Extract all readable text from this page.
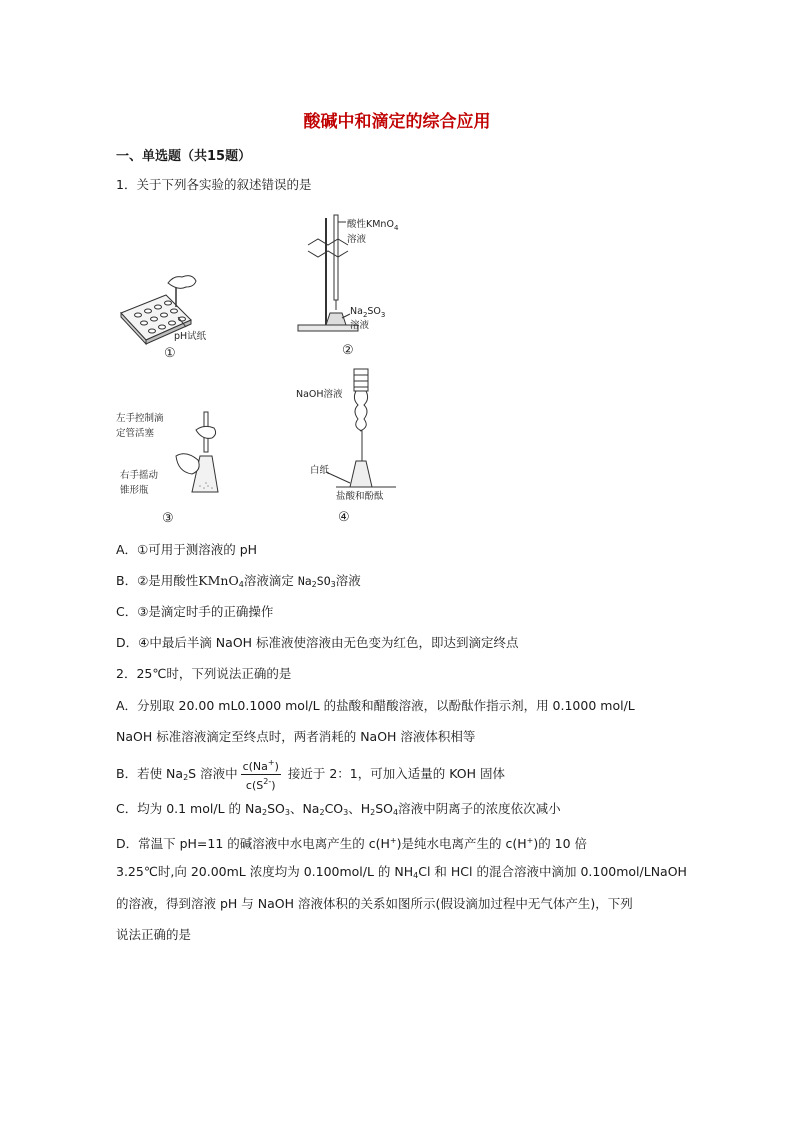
酸碱中和滴定的综合应用
一、单选题（共15题）
1．关于下列各实验的叙述错误的是
pH试纸
①
酸性KMnO$_4$
溶液
$Na_2SO_3$
溶液
②
左手控制滴
定管活塞
右手摇动
锥形瓶
③
NaOH溶液
白纸
盐酸和酚酞
④
A．①可用于测溶液的 pH
B．②是用酸性KMnO$_4$溶液滴定 $Na_2SO_3$溶液
C．③是滴定时手的正确操作
D．④中最后半滴 NaOH 标准液使溶液由无色变为红色，即达到滴定终点
2．25℃时，下列说法正确的是
A．分别取 20.00 mL0.1000 mol/L 的盐酸和醋酸溶液，以酚酞作指示剂，用 0.1000 mol/L
NaOH 标准溶液滴定至终点时，两者消耗的 NaOH 溶液体积相等
B．若使 $Na_2S$ 溶液中 $\frac{c(Na^+)}{c(S^{2-})}$ 接近于 2：1，可加入适量的 KOH 固体
C．均为 0.1 mol/L 的 $Na_2SO_3$、$Na_2CO_3$、$H_2SO_4$溶液中阴离子的浓度依次减小
D．常温下 pH=11 的碱溶液中水电离产生的 c(H+)是纯水电离产生的 c(H+)的 10 倍
3.25℃时,向 20.00mL 浓度均为 0.100mol/L 的 $NH_4Cl$ 和 HCl 的混合溶液中滴加 0.100mol/LNaOH
的溶液，得到溶液 pH 与 NaOH 溶液体积的关系如图所示(假设滴加过程中无气体产生)，下列
说法正确的是
